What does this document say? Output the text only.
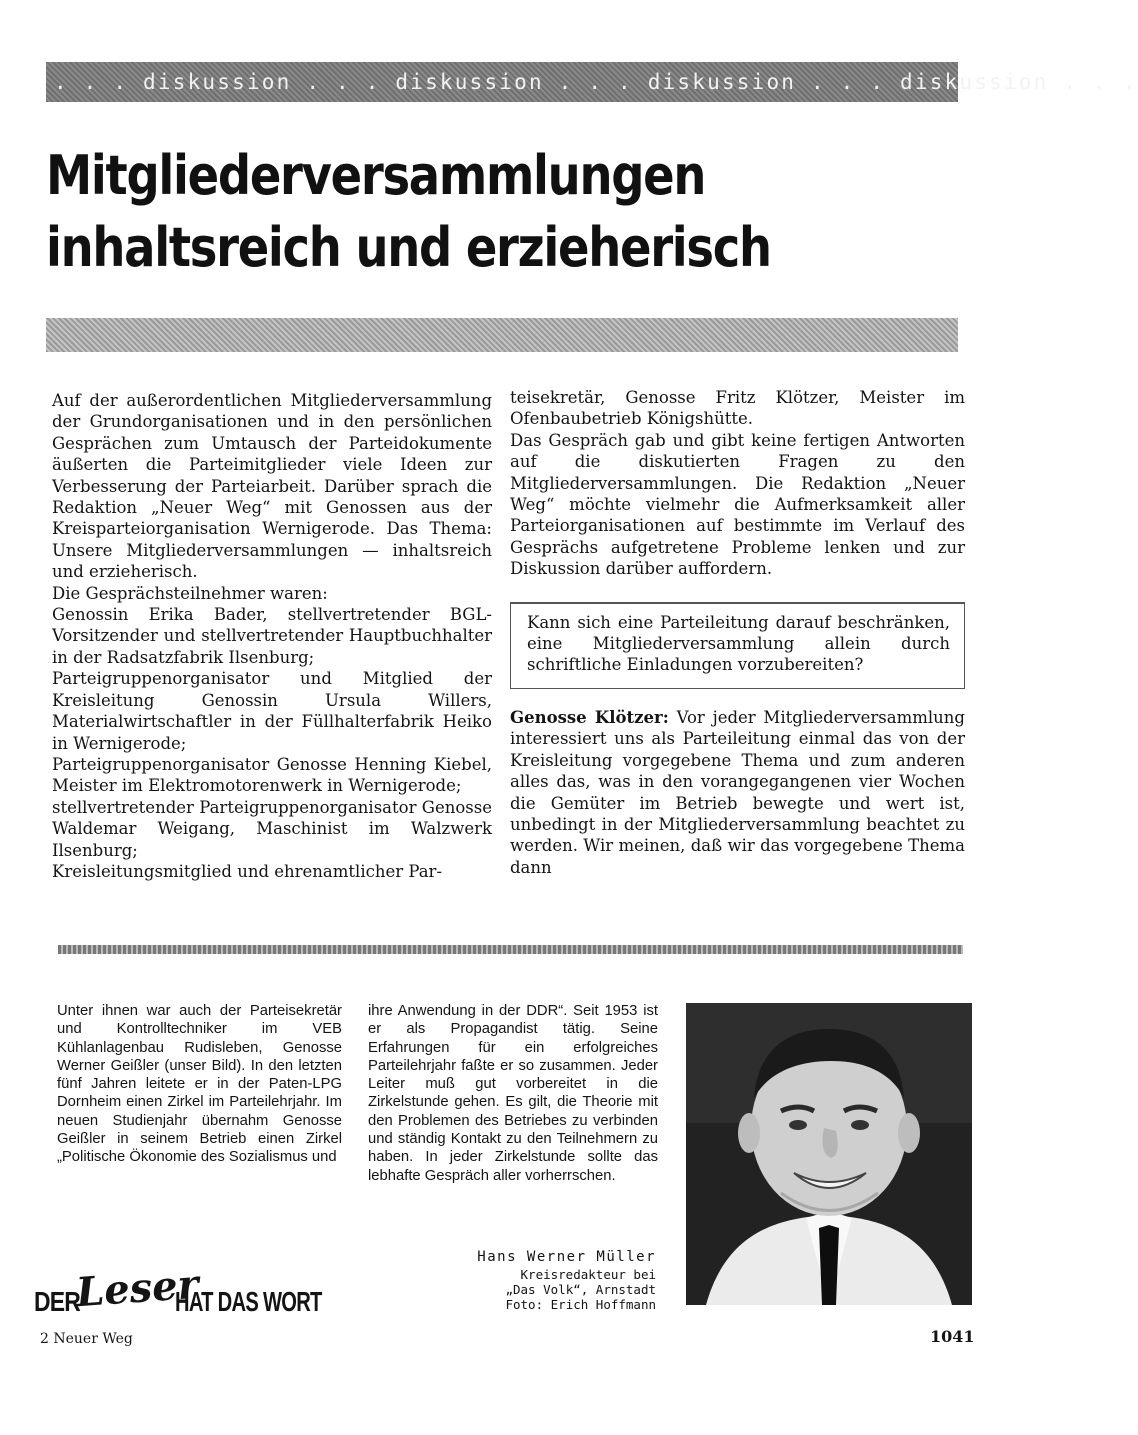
. . . diskussion . . . diskussion . . . diskussion . . . diskussion . . .
Mitgliederversammlungen
inhaltsreich und erzieherisch

Auf der außerordentlichen Mitgliederversammlung der Grundorganisationen und in den persönlichen Gesprächen zum Umtausch der Parteidokumente äußerten die Parteimitglieder viele Ideen zur Verbesserung der Parteiarbeit. Darüber sprach die Redaktion „Neuer Weg“ mit Genossen aus der Kreisparteiorganisation Wernigerode. Das Thema: Unsere Mitgliederversammlungen — inhaltsreich und erzieherisch.

Die Gesprächsteilnehmer waren:

Genossin Erika Bader, stellvertretender BGL-Vorsitzender und stellvertretender Hauptbuchhalter in der Radsatzfabrik Ilsenburg;

Parteigruppenorganisator und Mitglied der Kreisleitung Genossin Ursula Willers, Materialwirtschaftler in der Füllhalterfabrik Heiko in Wernigerode;

Parteigruppenorganisator Genosse Henning Kiebel, Meister im Elektromotorenwerk in Wernigerode;

stellvertretender Parteigruppenorganisator Genosse Waldemar Weigang, Maschinist im Walzwerk Ilsenburg;

Kreisleitungsmitglied und ehrenamtlicher Par-

teisekretär, Genosse Fritz Klötzer, Meister im Ofenbaubetrieb Königshütte.

Das Gespräch gab und gibt keine fertigen Antworten auf die diskutierten Fragen zu den Mitgliederversammlungen. Die Redaktion „Neuer Weg“ möchte vielmehr die Aufmerksamkeit aller Parteiorganisationen auf bestimmte im Verlauf des Gesprächs aufgetretene Probleme lenken und zur Diskussion darüber auffordern.

Kann sich eine Parteileitung darauf beschränken, eine Mitgliederversammlung allein durch schriftliche Einladungen vorzubereiten?

Genosse Klötzer: Vor jeder Mitgliederversammlung interessiert uns als Parteileitung einmal das von der Kreisleitung vorgegebene Thema und zum anderen alles das, was in den vorangegangenen vier Wochen die Gemüter im Betrieb bewegte und wert ist, unbedingt in der Mitgliederversammlung beachtet zu werden. Wir meinen, daß wir das vorgegebene Thema dann

Unter ihnen war auch der Parteisekretär und Kontrolltechniker im VEB Kühlanlagenbau Rudisleben, Genosse Werner Geißler (unser Bild). In den letzten fünf Jahren leitete er in der Paten-LPG Dornheim einen Zirkel im Parteilehrjahr. Im neuen Studienjahr übernahm Genosse Geißler in seinem Betrieb einen Zirkel „Politische Ökonomie des Sozialismus und
ihre Anwendung in der DDR“. Seit 1953 ist er als Propagandist tätig. Seine Erfahrungen für ein erfolgreiches Parteilehrjahr faßte er so zusammen. Jeder Leiter muß gut vorbereitet in die Zirkelstunde gehen. Es gilt, die Theorie mit den Problemen des Betriebes zu verbinden und ständig Kontakt zu den Teilnehmern zu haben. In jeder Zirkelstunde sollte das lebhafte Gespräch aller vorherrschen.
Hans Werner Müller
Kreisredakteur bei
„Das Volk“, Arnstadt
Foto: Erich Hoffmann
DER
Leser
HAT DAS WORT
2 Neuer Weg	1041
